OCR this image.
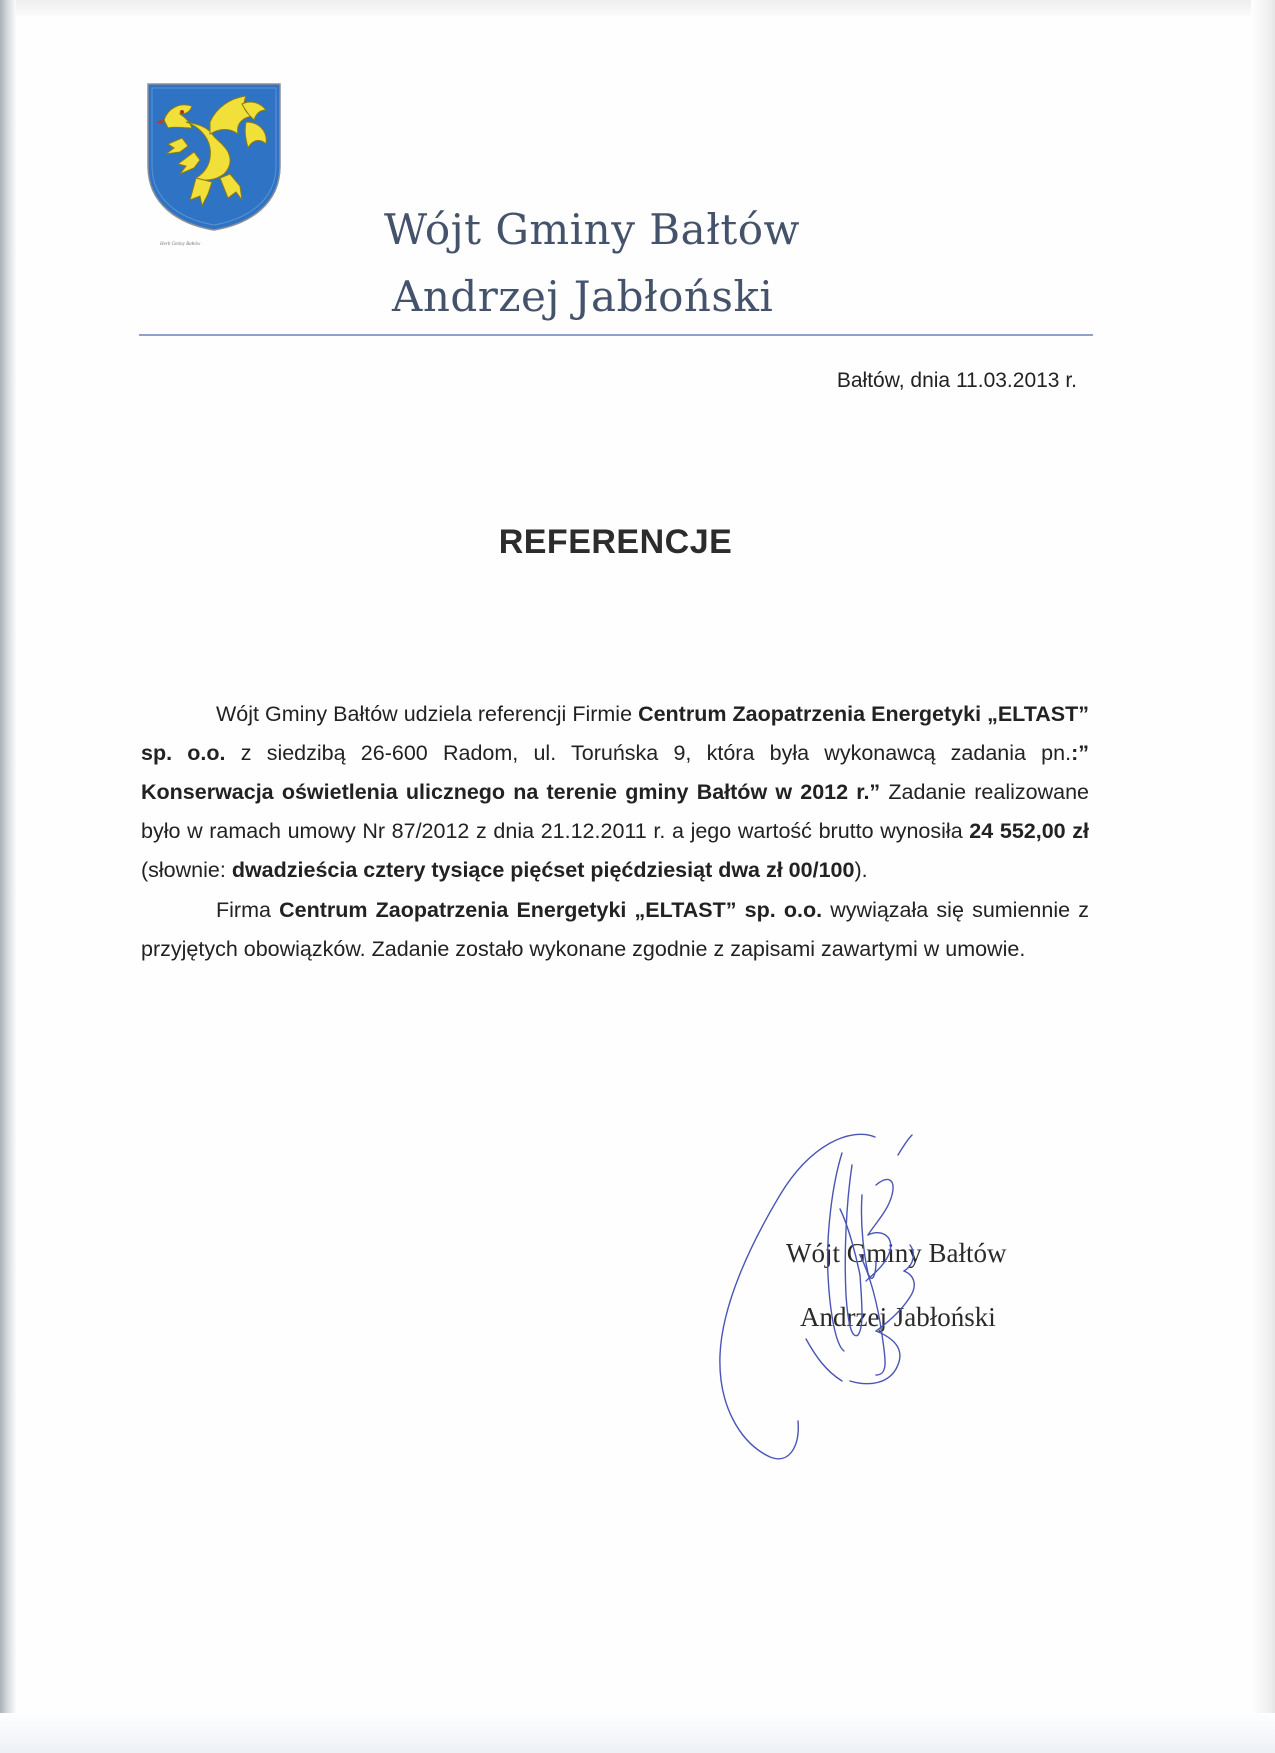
Herb Gminy Bałtów	Wójt Gminy Bałtów
Andrzej Jabłoński
Bałtów, dnia 11.03.2013 r.
REFERENCJE

Wójt Gminy Bałtów udziela referencji Firmie Centrum Zaopatrzenia Energetyki „ELTAST” sp. o.o. z siedzibą 26-600 Radom, ul. Toruńska 9, która była wykonawcą zadania pn.:” Konserwacja oświetlenia ulicznego na terenie gminy Bałtów w 2012 r.” Zadanie realizowane było w ramach umowy Nr 87/2012 z dnia 21.12.2011 r. a jego wartość brutto wynosiła 24 552,00 zł (słownie: dwadzieścia cztery tysiące pięćset pięćdziesiąt dwa zł 00/100).

Firma Centrum Zaopatrzenia Energetyki „ELTAST” sp. o.o. wywiązała się sumiennie z przyjętych obowiązków. Zadanie zostało wykonane zgodnie z zapisami zawartymi w umowie.

Wójt Gminy Bałtów
Andrzej Jabłoński
